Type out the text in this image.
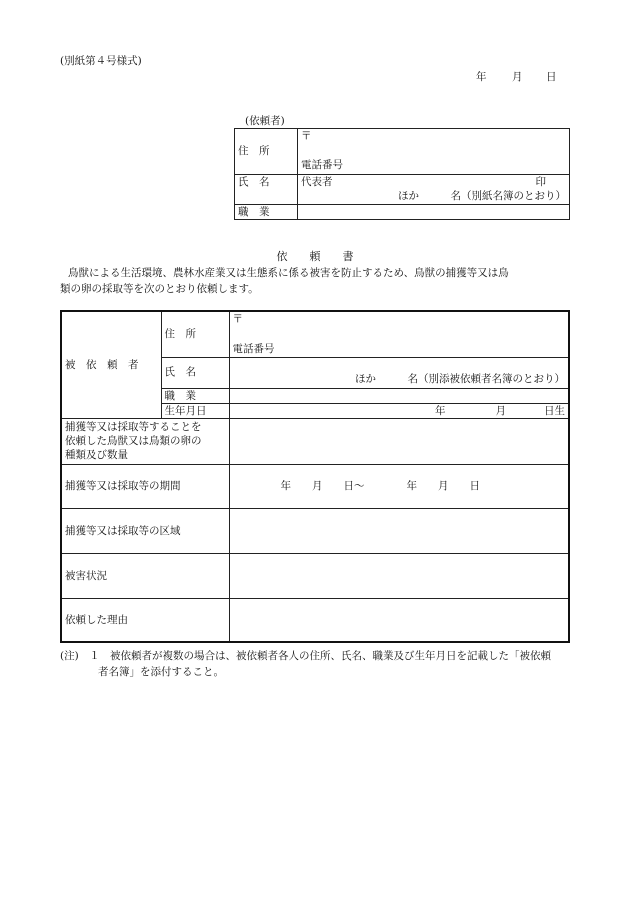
(別紙第４号様式)
年 月 日
(依頼者)
住　所	〒
電話番号

氏　名	代表者 印
ほか　　　名（別紙名簿のとおり）

職　業	
依　　頼　　書
鳥獣による生活環境、農林水産業又は生態系に係る被害を防止するため、鳥獣の捕獲等又は鳥
類の卵の採取等を次のとおり依頼します。
被　依　頼　者	住　所	〒
電話番号

	氏　名	ほか　　　名（別添被依頼者名簿のとおり）

	職　業	
	生年月日	年 月 日生

捕獲等又は採取等することを
依頼した鳥獣又は鳥類の卵の
種類及び数量		

捕獲等又は採取等の期間		年　　月　　日～　　　　年　　月　　日
捕獲等又は採取等の区域		
被害状況		
依頼した理由		
(注)　１ 被依頼者が複数の場合は、被依頼者各人の住所、氏名、職業及び生年月日を記載した「被依頼
者名簿」を添付すること。
